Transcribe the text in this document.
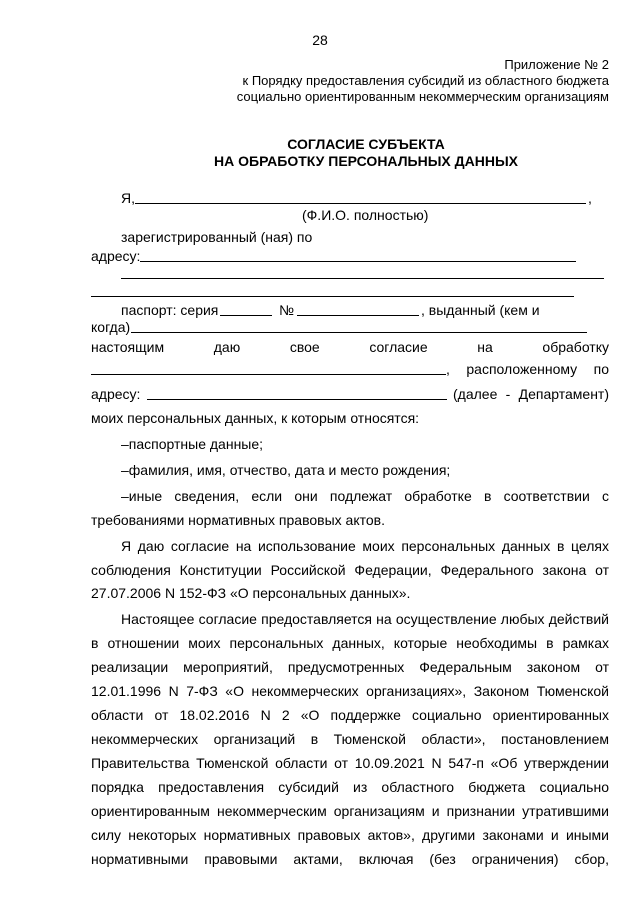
28
Приложение № 2
к Порядку предоставления субсидий из областного бюджета
социально ориентированным некоммерческим организациям
СОГЛАСИЕ СУБЪЕКТА
НА ОБРАБОТКУ ПЕРСОНАЛЬНЫХ ДАННЫХ
Я,	,
(Ф.И.О. полностью)
зарегистрированный (ная) по
адресу:
паспорт: серия	№	, выданный (кем и
когда)
настоящим даю свое согласие на обработку
, расположенному по
адресу:	(далее - Департамент)
моих персональных данных, к которым относятся:
–паспортные данные;
–фамилия, имя, отчество, дата и место рождения;
–иные сведения, если они подлежат обработке в соответствии с
требованиями нормативных правовых актов.
Я даю согласие на использование моих персональных данных в целях
соблюдения Конституции Российской Федерации, Федерального закона от
27.07.2006 N 152-ФЗ «О персональных данных».
Настоящее согласие предоставляется на осуществление любых действий
в отношении моих персональных данных, которые необходимы в рамках
реализации мероприятий, предусмотренных Федеральным законом от
12.01.1996 N 7-ФЗ «О некоммерческих организациях», Законом Тюменской
области от 18.02.2016 N 2 «О поддержке социально ориентированных
некоммерческих организаций в Тюменской области», постановлением
Правительства Тюменской области от 10.09.2021 N 547-п «Об утверждении
порядка предоставления субсидий из областного бюджета социально
ориентированным некоммерческим организациям и признании утратившими
силу некоторых нормативных правовых актов», другими законами и иными
нормативными правовыми актами, включая (без ограничения) сбор,
